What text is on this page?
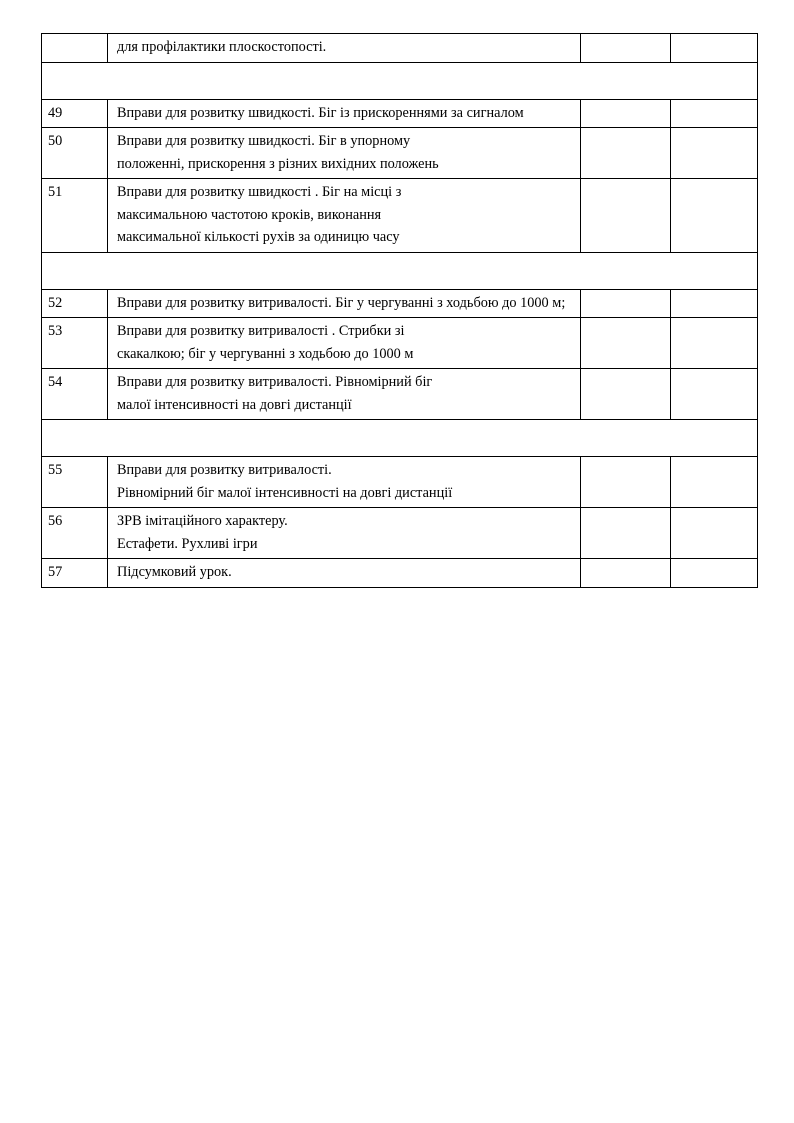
	для профілактики плоскостопості.		

49	Вправи для розвитку швидкості. Біг із прискореннями за сигналом		

50	Вправи для розвитку швидкості. Біг в упорному
положенні, прискорення з різних вихідних положень		

51	Вправи для розвитку швидкості . Біг на місці з
максимальною частотою кроків, виконання
максимальної кількості рухів за одиницю часу		

52	Вправи для розвитку витривалості. Біг у чергуванні з ходьбою до 1000 м;		

53	Вправи для розвитку витривалості . Стрибки зі
скакалкою; біг у чергуванні з ходьбою до 1000 м		

54	Вправи для розвитку витривалості. Рівномірний біг
малої інтенсивності на довгі дистанції		

55	Вправи для розвитку витривалості.
Рівномірний біг малої інтенсивності на довгі дистанції		

56	ЗРВ імітаційного характеру.
Естафети. Рухливі ігри		

57	Підсумковий урок.		
